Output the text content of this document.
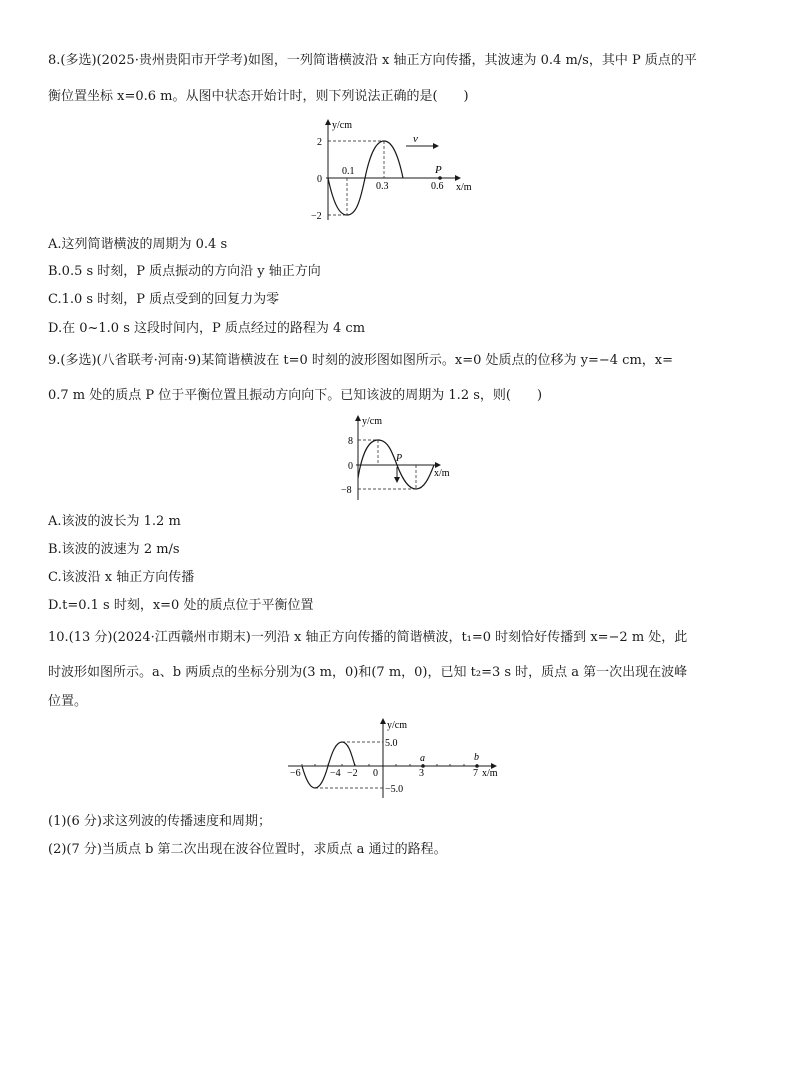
8.(多选)(2025·贵州贵阳市开学考)如图，一列简谐横波沿 x 轴正方向传播，其波速为 0.4 m/s，其中 P 质点的平
衡位置坐标 x=0.6 m。从图中状态开始计时，则下列说法正确的是(　　)
v
P
y/cm
x/m
2
0
−2
0.1
0.3	0.6
A.这列简谐横波的周期为 0.4 s
B.0.5 s 时刻，P 质点振动的方向沿 y 轴正方向
C.1.0 s 时刻，P 质点受到的回复力为零
D.在 0~1.0 s 这段时间内，P 质点经过的路程为 4 cm
9.(多选)(八省联考·河南·9)某简谐横波在 t=0 时刻的波形图如图所示。x=0 处质点的位移为 y=−4 cm，x=
0.7 m 处的质点 P 位于平衡位置且振动方向向下。已知该波的周期为 1.2 s，则(　　)
P
y/cm
x/m
8
0
−8
A.该波的波长为 1.2 m
B.该波的波速为 2 m/s
C.该波沿 x 轴正方向传播
D.t=0.1 s 时刻，x=0 处的质点位于平衡位置
10.(13 分)(2024·江西赣州市期末)一列沿 x 轴正方向传播的简谐横波，t₁=0 时刻恰好传播到 x=−2 m 处，此
时波形如图所示。a、b 两质点的坐标分别为(3 m，0)和(7 m，0)，已知 t₂=3 s 时，质点 a 第一次出现在波峰
位置。
a	b
y/cm
x/m
5.0
−5.0
−6	−4 −2 0	3	7
(1)(6 分)求这列波的传播速度和周期；
(2)(7 分)当质点 b 第二次出现在波谷位置时，求质点 a 通过的路程。
